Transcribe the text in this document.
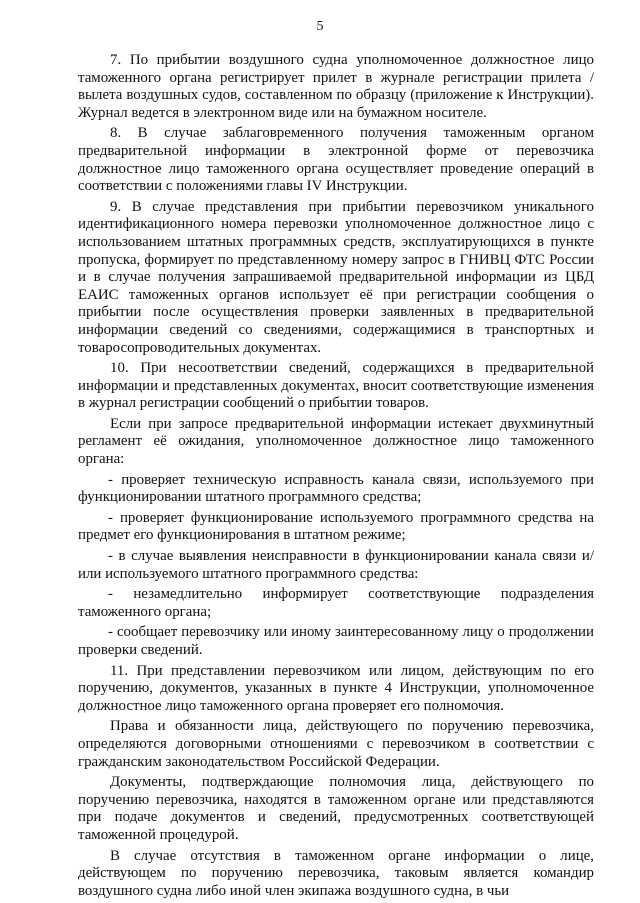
5

7. По прибытии воздушного судна уполномоченное должностное лицо таможенного органа регистрирует прилет в журнале регистрации прилета / вылета воздушных судов, составленном по образцу (приложение к Инструкции). Журнал ведется в электронном виде или на бумажном носителе.

8. В случае заблаговременного получения таможенным органом предварительной информации в электронной форме от перевозчика должностное лицо таможенного органа осуществляет проведение операций в соответствии с положениями главы IV Инструкции.

9. В случае представления при прибытии перевозчиком уникального идентификационного номера перевозки уполномоченное должностное лицо с использованием штатных программных средств, эксплуатирующихся в пункте пропуска, формирует по представленному номеру запрос в ГНИВЦ ФТС России и в случае получения запрашиваемой предварительной информации из ЦБД ЕАИС таможенных органов использует её при регистрации сообщения о прибытии после осуществления проверки заявленных в предварительной информации сведений со сведениями, содержащимися в транспортных и товаросопроводительных документах.

10. При несоответствии сведений, содержащихся в предварительной информации и представленных документах, вносит соответствующие изменения в журнал регистрации сообщений о прибытии товаров.

Если при запросе предварительной информации истекает двухминутный регламент её ожидания, уполномоченное должностное лицо таможенного органа:

- проверяет техническую исправность канала связи, используемого при функционировании штатного программного средства;

- проверяет функционирование используемого программного средства на предмет его функционирования в штатном режиме;

- в случае выявления неисправности в функционировании канала связи и/или используемого штатного программного средства:

- незамедлительно информирует соответствующие подразделения таможенного органа;

- сообщает перевозчику или иному заинтересованному лицу о продолжении проверки сведений.

11. При представлении перевозчиком или лицом, действующим по его поручению, документов, указанных в пункте 4 Инструкции, уполномоченное должностное лицо таможенного органа проверяет его полномочия.

Права и обязанности лица, действующего по поручению перевозчика, определяются договорными отношениями с перевозчиком в соответствии с гражданским законодательством Российской Федерации.

Документы, подтверждающие полномочия лица, действующего по поручению перевозчика, находятся в таможенном органе или представляются при подаче документов и сведений, предусмотренных соответствующей таможенной процедурой.

В случае отсутствия в таможенном органе информации о лице, действующем по поручению перевозчика, таковым является командир воздушного судна либо иной член экипажа воздушного судна, в чьи
